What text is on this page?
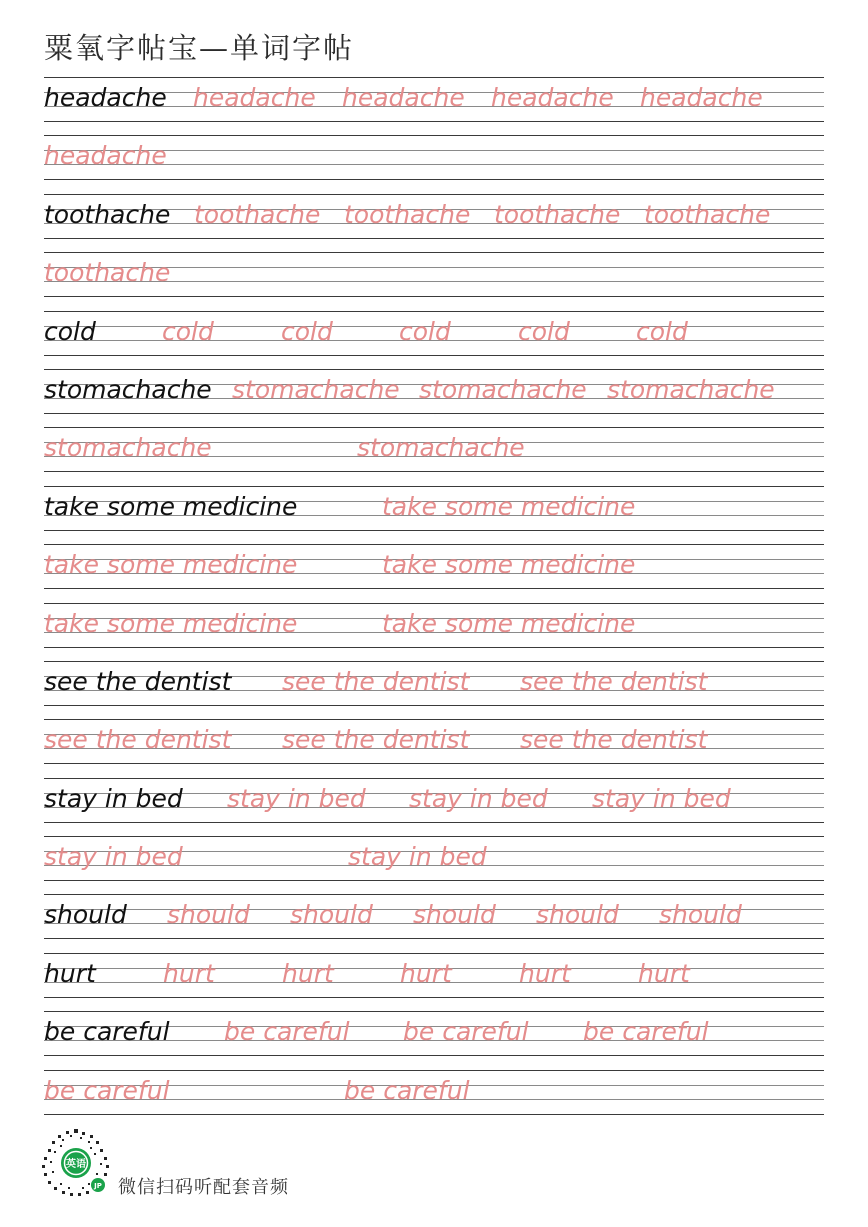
粟氧字帖宝—单词字帖
headache headache headache headache headache
headache
toothache toothache toothache toothache toothache
toothache
cold	cold	cold	cold	cold	cold
stomachache stomachache stomachache stomachache
stomachache	stomachache
take some medicine	take some medicine
take some medicine	take some medicine
take some medicine	take some medicine
see the dentist see the dentist see the dentist
see the dentist see the dentist see the dentist
stay in bed stay in bed stay in bed stay in bed
stay in bed	stay in bed
should should should should should should
hurt	hurt	hurt	hurt	hurt	hurt
be careful be careful be careful be careful
be careful	be careful
英语
JP 微信扫码听配套音频
